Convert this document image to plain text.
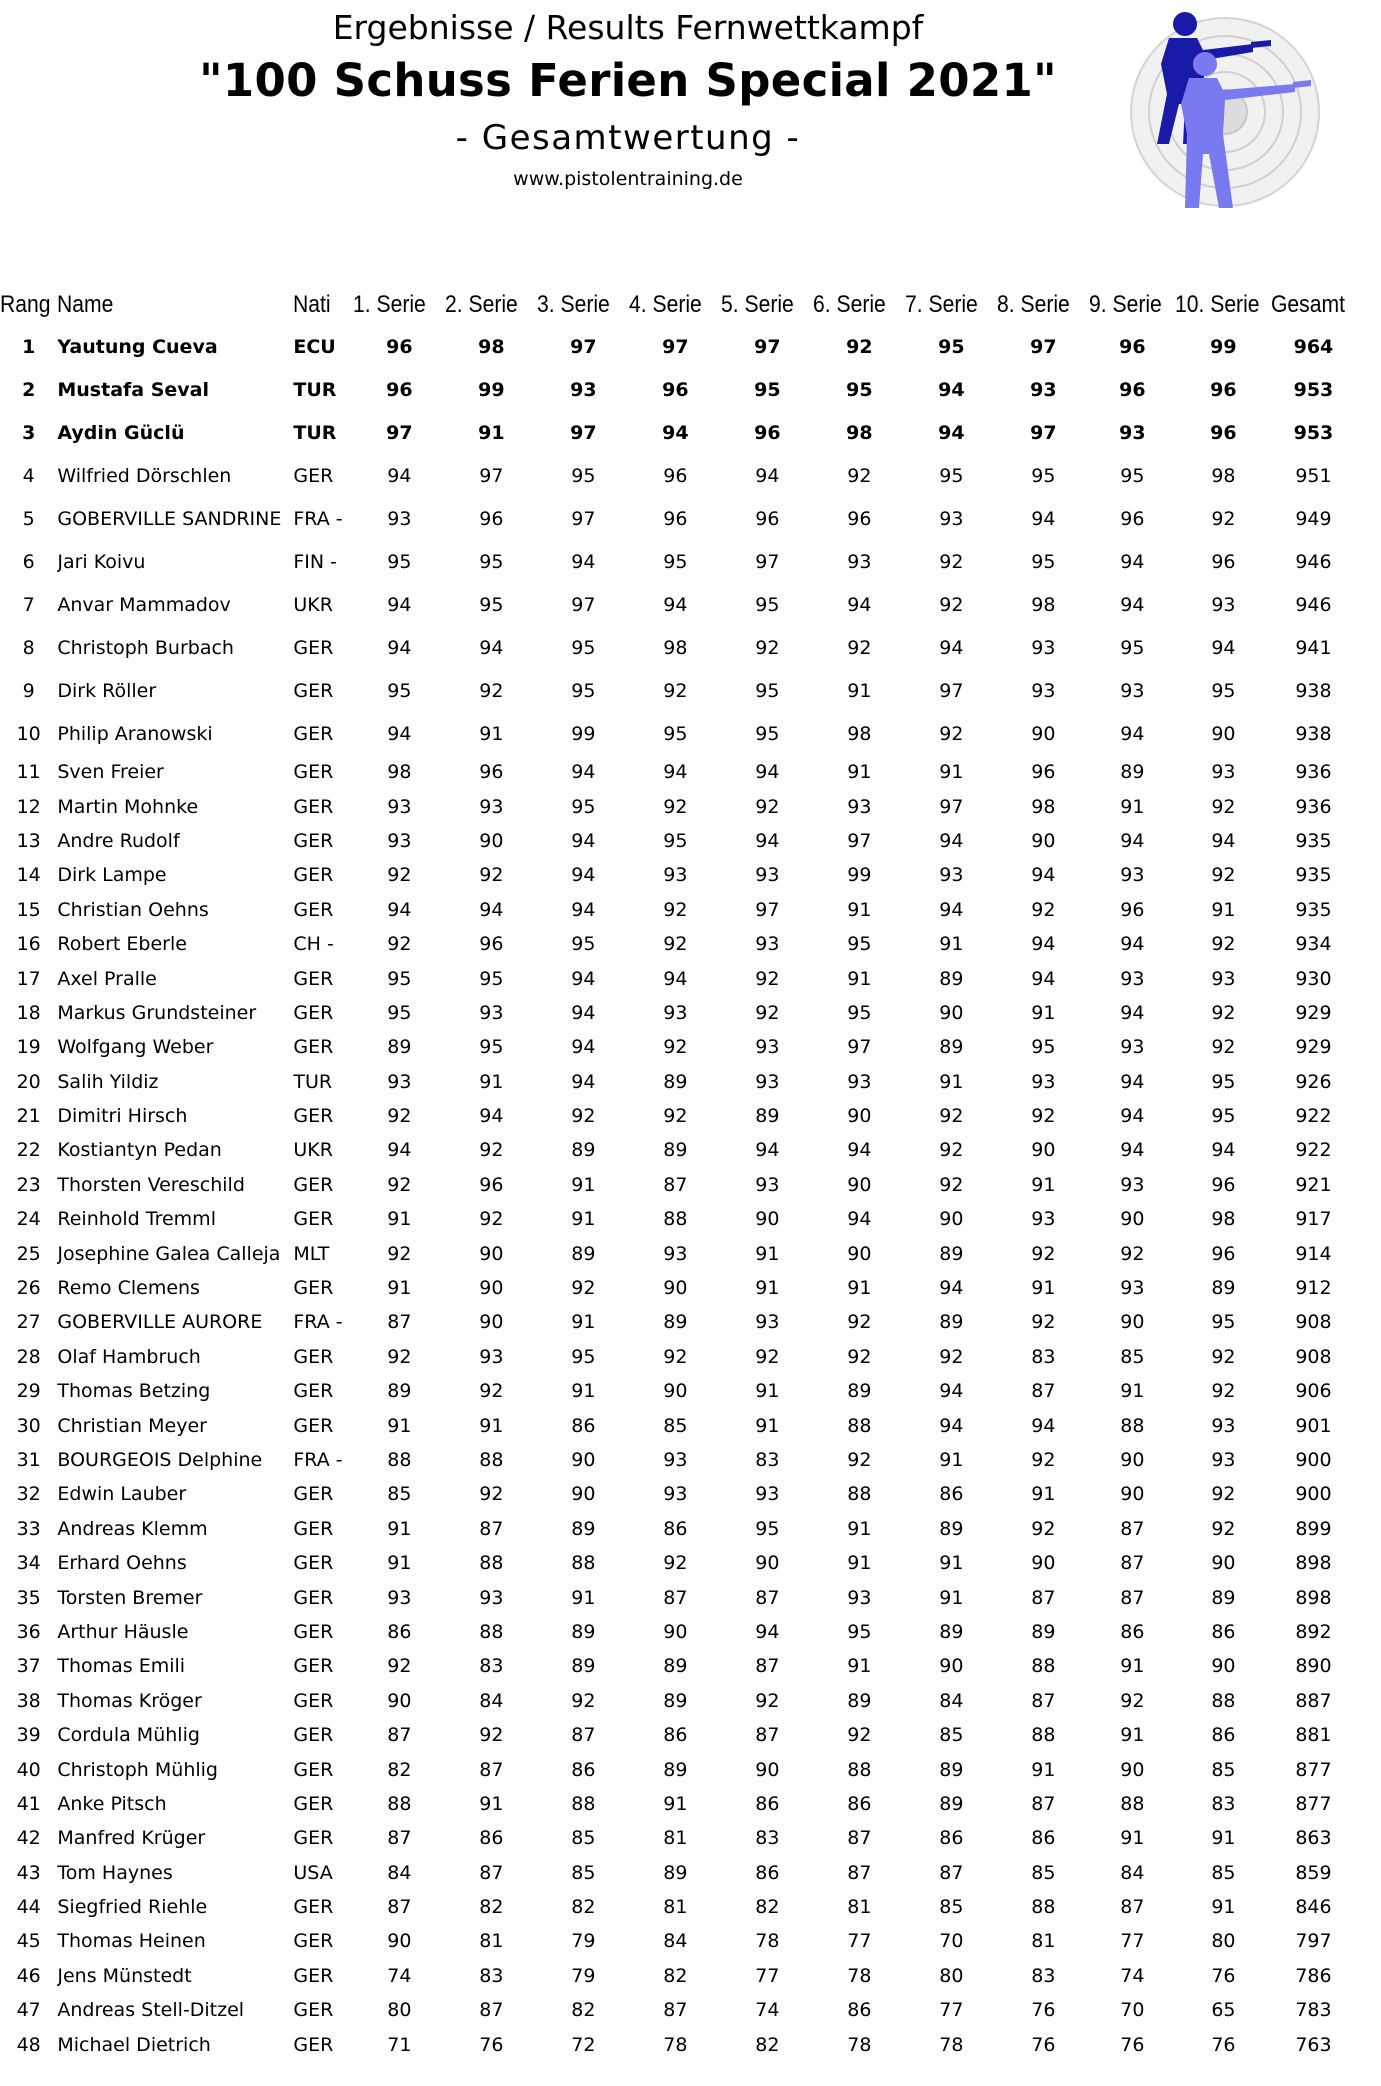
Ergebnisse / Results Fernwettkampf
"100 Schuss Ferien Special 2021"
- Gesamtwertung -
www.pistolentraining.de
Rang	Name	Nati	1. Serie	2. Serie	3. Serie	4. Serie	5. Serie	6. Serie	7. Serie	8. Serie	9. Serie	10. Serie	Gesamt
1	Yautung Cueva	ECU	96	98	97	97	97	92	95	97	96	99	964
2	Mustafa Seval	TUR	96	99	93	96	95	95	94	93	96	96	953
3	Aydin Güclü	TUR	97	91	97	94	96	98	94	97	93	96	953
4	Wilfried Dörschlen	GER	94	97	95	96	94	92	95	95	95	98	951
5	GOBERVILLE SANDRINE	FRA -	93	96	97	96	96	96	93	94	96	92	949
6	Jari Koivu	FIN -	95	95	94	95	97	93	92	95	94	96	946
7	Anvar Mammadov	UKR	94	95	97	94	95	94	92	98	94	93	946
8	Christoph Burbach	GER	94	94	95	98	92	92	94	93	95	94	941
9	Dirk Röller	GER	95	92	95	92	95	91	97	93	93	95	938
10	Philip Aranowski	GER	94	91	99	95	95	98	92	90	94	90	938
11	Sven Freier	GER	98	96	94	94	94	91	91	96	89	93	936
12	Martin Mohnke	GER	93	93	95	92	92	93	97	98	91	92	936
13	Andre Rudolf	GER	93	90	94	95	94	97	94	90	94	94	935
14	Dirk Lampe	GER	92	92	94	93	93	99	93	94	93	92	935
15	Christian Oehns	GER	94	94	94	92	97	91	94	92	96	91	935
16	Robert Eberle	CH -	92	96	95	92	93	95	91	94	94	92	934
17	Axel Pralle	GER	95	95	94	94	92	91	89	94	93	93	930
18	Markus Grundsteiner	GER	95	93	94	93	92	95	90	91	94	92	929
19	Wolfgang Weber	GER	89	95	94	92	93	97	89	95	93	92	929
20	Salih Yildiz	TUR	93	91	94	89	93	93	91	93	94	95	926
21	Dimitri Hirsch	GER	92	94	92	92	89	90	92	92	94	95	922
22	Kostiantyn Pedan	UKR	94	92	89	89	94	94	92	90	94	94	922
23	Thorsten Vereschild	GER	92	96	91	87	93	90	92	91	93	96	921
24	Reinhold Tremml	GER	91	92	91	88	90	94	90	93	90	98	917
25	Josephine Galea Calleja	MLT	92	90	89	93	91	90	89	92	92	96	914
26	Remo Clemens	GER	91	90	92	90	91	91	94	91	93	89	912
27	GOBERVILLE AURORE	FRA -	87	90	91	89	93	92	89	92	90	95	908
28	Olaf Hambruch	GER	92	93	95	92	92	92	92	83	85	92	908
29	Thomas Betzing	GER	89	92	91	90	91	89	94	87	91	92	906
30	Christian Meyer	GER	91	91	86	85	91	88	94	94	88	93	901
31	BOURGEOIS Delphine	FRA -	88	88	90	93	83	92	91	92	90	93	900
32	Edwin Lauber	GER	85	92	90	93	93	88	86	91	90	92	900
33	Andreas Klemm	GER	91	87	89	86	95	91	89	92	87	92	899
34	Erhard Oehns	GER	91	88	88	92	90	91	91	90	87	90	898
35	Torsten Bremer	GER	93	93	91	87	87	93	91	87	87	89	898
36	Arthur Häusle	GER	86	88	89	90	94	95	89	89	86	86	892
37	Thomas Emili	GER	92	83	89	89	87	91	90	88	91	90	890
38	Thomas Kröger	GER	90	84	92	89	92	89	84	87	92	88	887
39	Cordula Mühlig	GER	87	92	87	86	87	92	85	88	91	86	881
40	Christoph Mühlig	GER	82	87	86	89	90	88	89	91	90	85	877
41	Anke Pitsch	GER	88	91	88	91	86	86	89	87	88	83	877
42	Manfred Krüger	GER	87	86	85	81	83	87	86	86	91	91	863
43	Tom Haynes	USA	84	87	85	89	86	87	87	85	84	85	859
44	Siegfried Riehle	GER	87	82	82	81	82	81	85	88	87	91	846
45	Thomas Heinen	GER	90	81	79	84	78	77	70	81	77	80	797
46	Jens Münstedt	GER	74	83	79	82	77	78	80	83	74	76	786
47	Andreas Stell-Ditzel	GER	80	87	82	87	74	86	77	76	70	65	783
48	Michael Dietrich	GER	71	76	72	78	82	78	78	76	76	76	763
